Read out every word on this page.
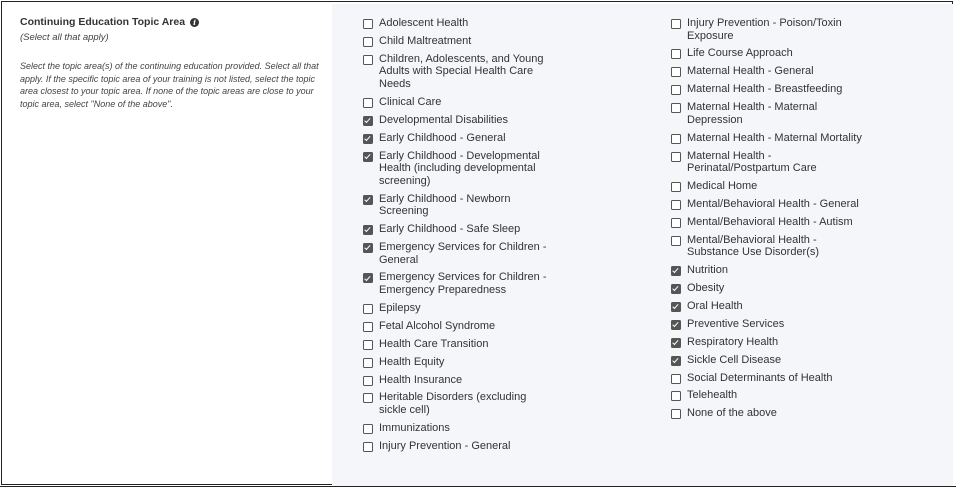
Continuing Education Topic Area i
(Select all that apply)
Select the topic area(s) of the continuing education provided. Select all that apply. If the specific topic area of your training is not listed, select the topic area closest to your topic area. If none of the topic areas are close to your topic area, select "None of the above".
Adolescent Health
Child Maltreatment
Children, Adolescents, and Young Adults with Special Health Care Needs
Clinical Care
Developmental Disabilities
Early Childhood - General
Early Childhood - Developmental Health (including developmental screening)
Early Childhood - Newborn Screening
Early Childhood - Safe Sleep
Emergency Services for Children - General
Emergency Services for Children - Emergency Preparedness
Epilepsy
Fetal Alcohol Syndrome
Health Care Transition
Health Equity
Health Insurance
Heritable Disorders (excluding sickle cell)
Immunizations
Injury Prevention - General
Injury Prevention - Poison/Toxin Exposure
Life Course Approach
Maternal Health - General
Maternal Health - Breastfeeding
Maternal Health - Maternal Depression
Maternal Health - Maternal Mortality
Maternal Health - Perinatal/Postpartum Care
Medical Home
Mental/Behavioral Health - General
Mental/Behavioral Health - Autism
Mental/Behavioral Health - Substance Use Disorder(s)
Nutrition
Obesity
Oral Health
Preventive Services
Respiratory Health
Sickle Cell Disease
Social Determinants of Health
Telehealth
None of the above
